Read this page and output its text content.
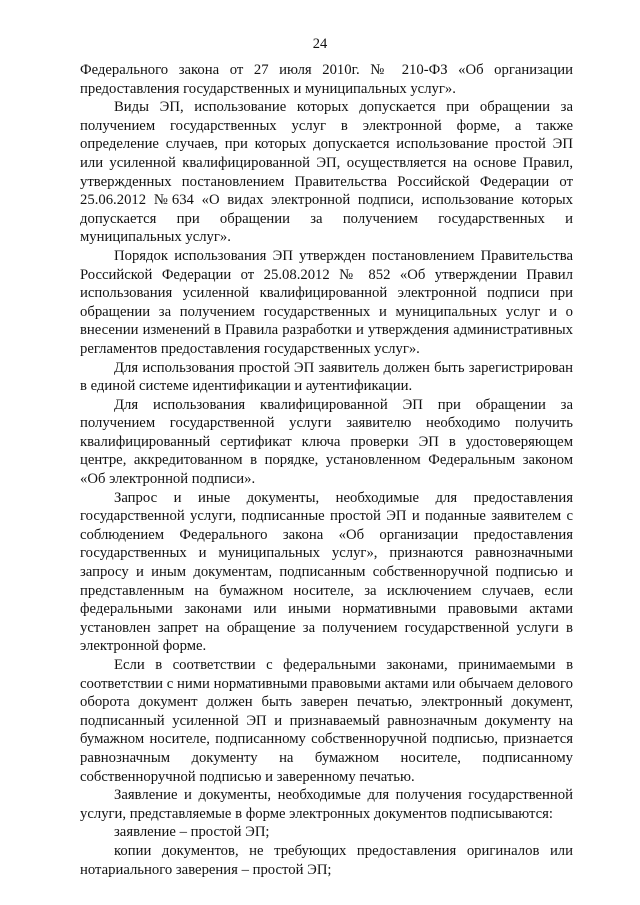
24

Федерального закона от 27 июля 2010г. № 210-ФЗ «Об организации предоставления государственных и муниципальных услуг».

Виды ЭП, использование которых допускается при обращении за получением государственных услуг в электронной форме, а также определение случаев, при которых допускается использование простой ЭП или усиленной квалифицированной ЭП, осуществляется на основе Правил, утвержденных постановлением Правительства Российской Федерации от 25.06.2012 №634 «О видах электронной подписи, использование которых допускается при обращении за получением государственных и муниципальных услуг».

Порядок использования ЭП утвержден постановлением Правительства Российской Федерации от 25.08.2012 № 852 «Об утверждении Правил использования усиленной квалифицированной электронной подписи при обращении за получением государственных и муниципальных услуг и о внесении изменений в Правила разработки и утверждения административных регламентов предоставления государственных услуг».

Для использования простой ЭП заявитель должен быть зарегистрирован в единой системе идентификации и аутентификации.

Для использования квалифицированной ЭП при обращении за получением государственной услуги заявителю необходимо получить квалифицированный сертификат ключа проверки ЭП в удостоверяющем центре, аккредитованном в порядке, установленном Федеральным законом «Об электронной подписи».

Запрос и иные документы, необходимые для предоставления государственной услуги, подписанные простой ЭП и поданные заявителем с соблюдением Федерального закона «Об организации предоставления государственных и муниципальных услуг», признаются равнозначными запросу и иным документам, подписанным собственноручной подписью и представленным на бумажном носителе, за исключением случаев, если федеральными законами или иными нормативными правовыми актами установлен запрет на обращение за получением государственной услуги в электронной форме.

Если в соответствии с федеральными законами, принимаемыми в соответствии с ними нормативными правовыми актами или обычаем делового оборота документ должен быть заверен печатью, электронный документ, подписанный усиленной ЭП и признаваемый равнозначным документу на бумажном носителе, подписанному собственноручной подписью, признается равнозначным документу на бумажном носителе, подписанному собственноручной подписью и заверенному печатью.

Заявление и документы, необходимые для получения государственной услуги, представляемые в форме электронных документов подписываются:

заявление – простой ЭП;

копии документов, не требующих предоставления оригиналов или нотариального заверения – простой ЭП;
